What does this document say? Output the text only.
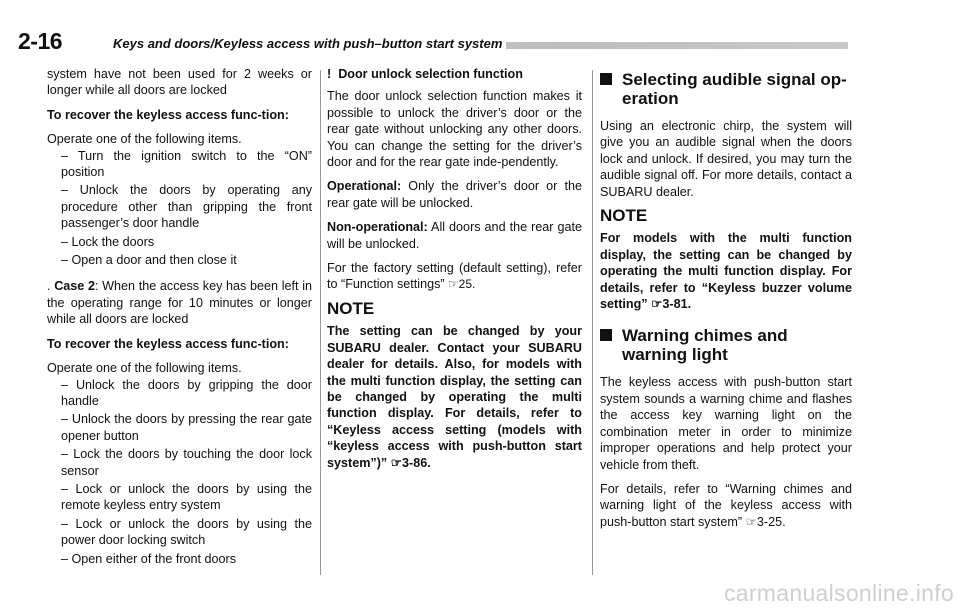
2-16	Keys and doors/Keyless access with push–button start system

system have not been used for 2 weeks or longer while all doors are locked

To recover the keyless access func-tion:

Operate one of the following items.

– Turn the ignition switch to the “ON” position

– Unlock the doors by operating any procedure other than gripping the front passenger’s door handle

– Lock the doors

– Open a door and then close it

. Case 2: When the access key has been left in the operating range for 10 minutes or longer while all doors are locked

To recover the keyless access func-tion:

Operate one of the following items.

– Unlock the doors by gripping the door handle

– Unlock the doors by pressing the rear gate opener button

– Lock the doors by touching the door lock sensor

– Lock or unlock the doors by using the remote keyless entry system

– Lock or unlock the doors by using the power door locking switch

– Open either of the front doors

! Door unlock selection function

The door unlock selection function makes it possible to unlock the driver’s door or the rear gate without unlocking any other doors. You can change the setting for the driver’s door and for the rear gate inde-pendently.

Operational: Only the driver’s door or the rear gate will be unlocked.

Non-operational: All doors and the rear gate will be unlocked.

For the factory setting (default setting), refer to “Function settings” ☞25.

NOTE

The setting can be changed by your SUBARU dealer. Contact your SUBARU dealer for details. Also, for models with the multi function display, the setting can be changed by operating the multi function display. For details, refer to “Keyless access setting (models with “keyless access with push-button start system”)” ☞3-86.

Selecting audible signal op-eration

Using an electronic chirp, the system will give you an audible signal when the doors lock and unlock. If desired, you may turn the audible signal off. For more details, contact a SUBARU dealer.

NOTE

For models with the multi function display, the setting can be changed by operating the multi function display. For details, refer to “Keyless buzzer volume setting” ☞3-81.

Warning chimes and warning light

The keyless access with push-button start system sounds a warning chime and flashes the access key warning light on the combination meter in order to minimize improper operations and help protect your vehicle from theft.

For details, refer to “Warning chimes and warning light of the keyless access with push-button start system” ☞3-25.

carmanualsonline.info
